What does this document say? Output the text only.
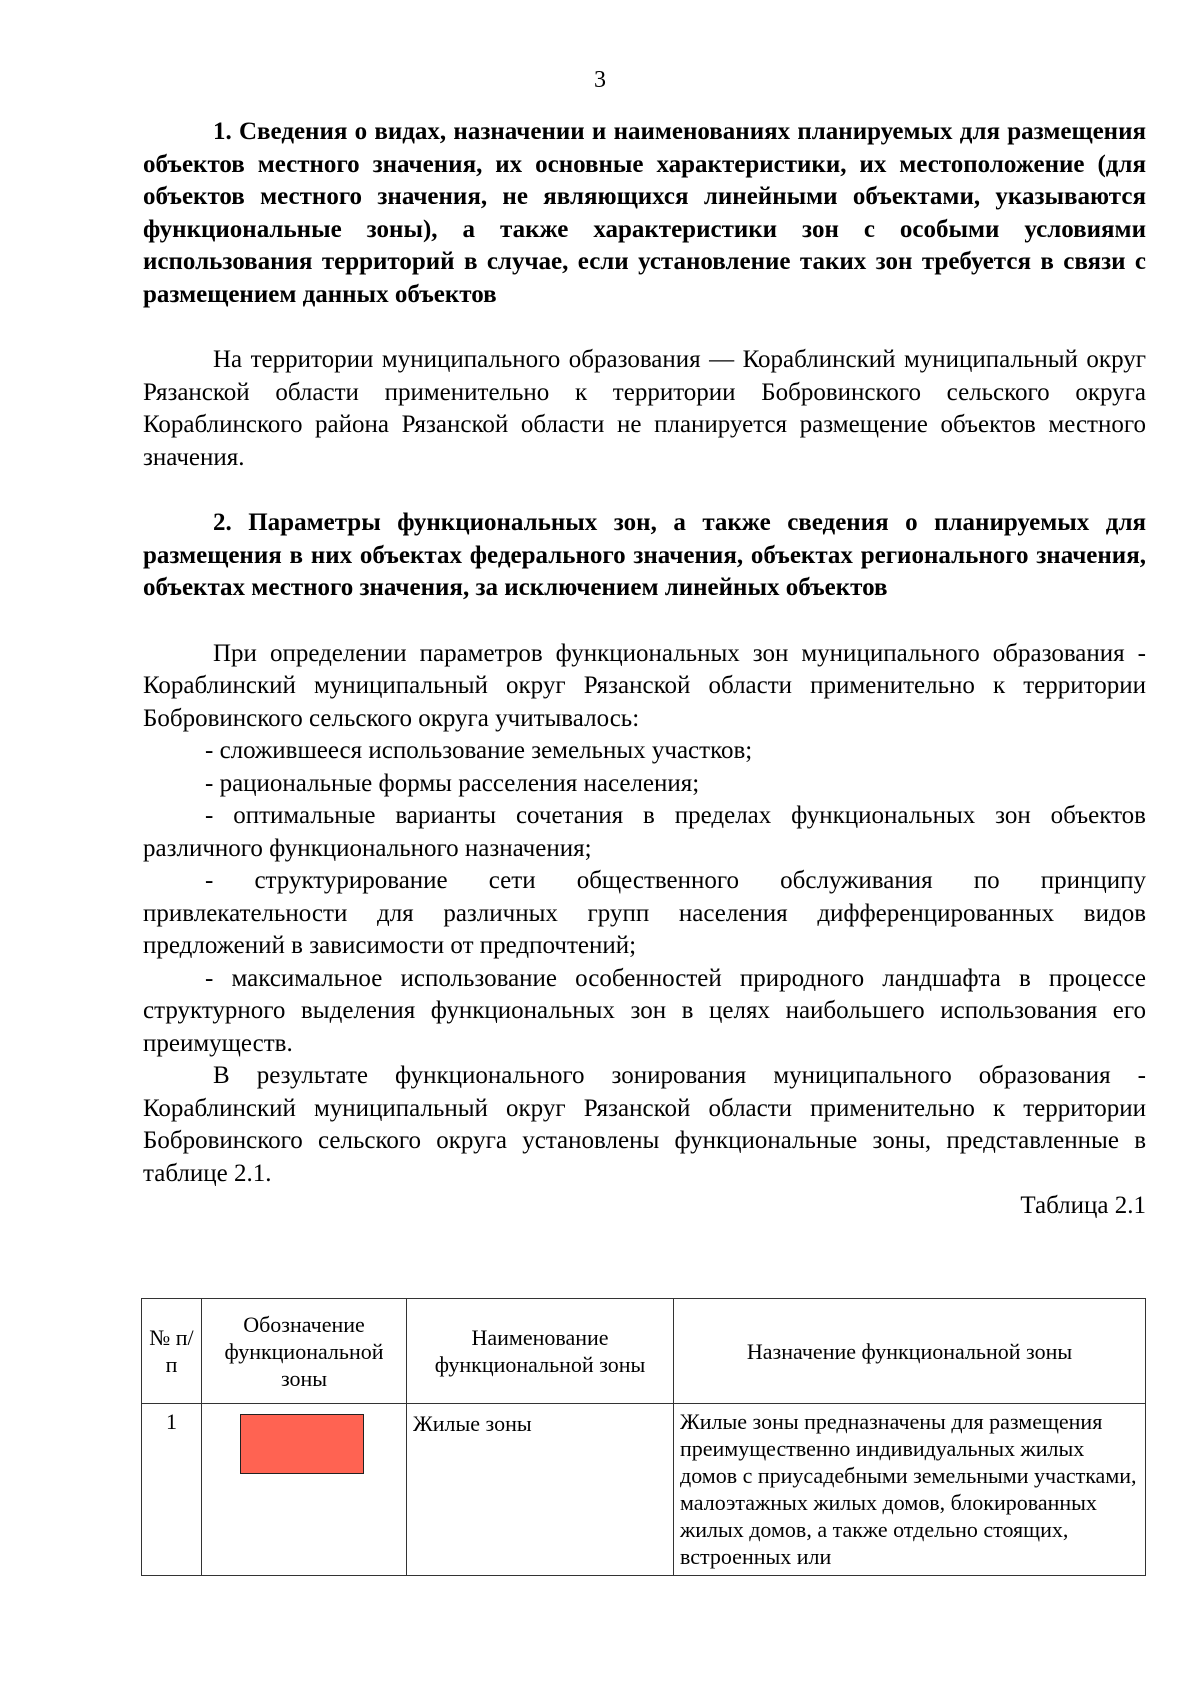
3

1. Сведения о видах, назначении и наименованиях планируемых для размещения объектов местного значения, их основные характеристики, их местоположение (для объектов местного значения, не являющихся линейными объектами, указываются функциональные зоны), а также характеристики зон с особыми условиями использования территорий в случае, если установление таких зон требуется в связи с размещением данных объектов

На территории муниципального образования — Кораблинский муниципальный округ Рязанской области применительно к территории Бобровинского сельского округа Кораблинского района Рязанской области не планируется размещение объектов местного значения.

2. Параметры функциональных зон, а также сведения о планируемых для размещения в них объектах федерального значения, объектах регионального значения, объектах местного значения, за исключением линейных объектов

При определении параметров функциональных зон муниципального образования - Кораблинский муниципальный округ Рязанской области применительно к территории Бобровинского сельского округа учитывалось:

- сложившееся использование земельных участков;

- рациональные формы расселения населения;

- оптимальные варианты сочетания в пределах функциональных зон объектов различного функционального назначения;

- структурирование сети общественного обслуживания по принципу привлекательности для различных групп населения дифференцированных видов предложений в зависимости от предпочтений;

- максимальное использование особенностей природного ландшафта в процессе структурного выделения функциональных зон в целях наибольшего использования его преимуществ.

В результате функционального зонирования муниципального образования - Кораблинский муниципальный округ Рязанской области применительно к территории Бобровинского сельского округа установлены функциональные зоны, представленные в таблице 2.1.

Таблица 2.1

№ п/п	Обозначение функциональной зоны	Наименование функциональной зоны	Назначение функциональной зоны
1		Жилые зоны	Жилые зоны предназначены для размещения преимущественно индивидуальных жилых домов с приусадебными земельными участками, малоэтажных жилых домов, блокированных жилых домов, а также отдельно стоящих, встроенных или
